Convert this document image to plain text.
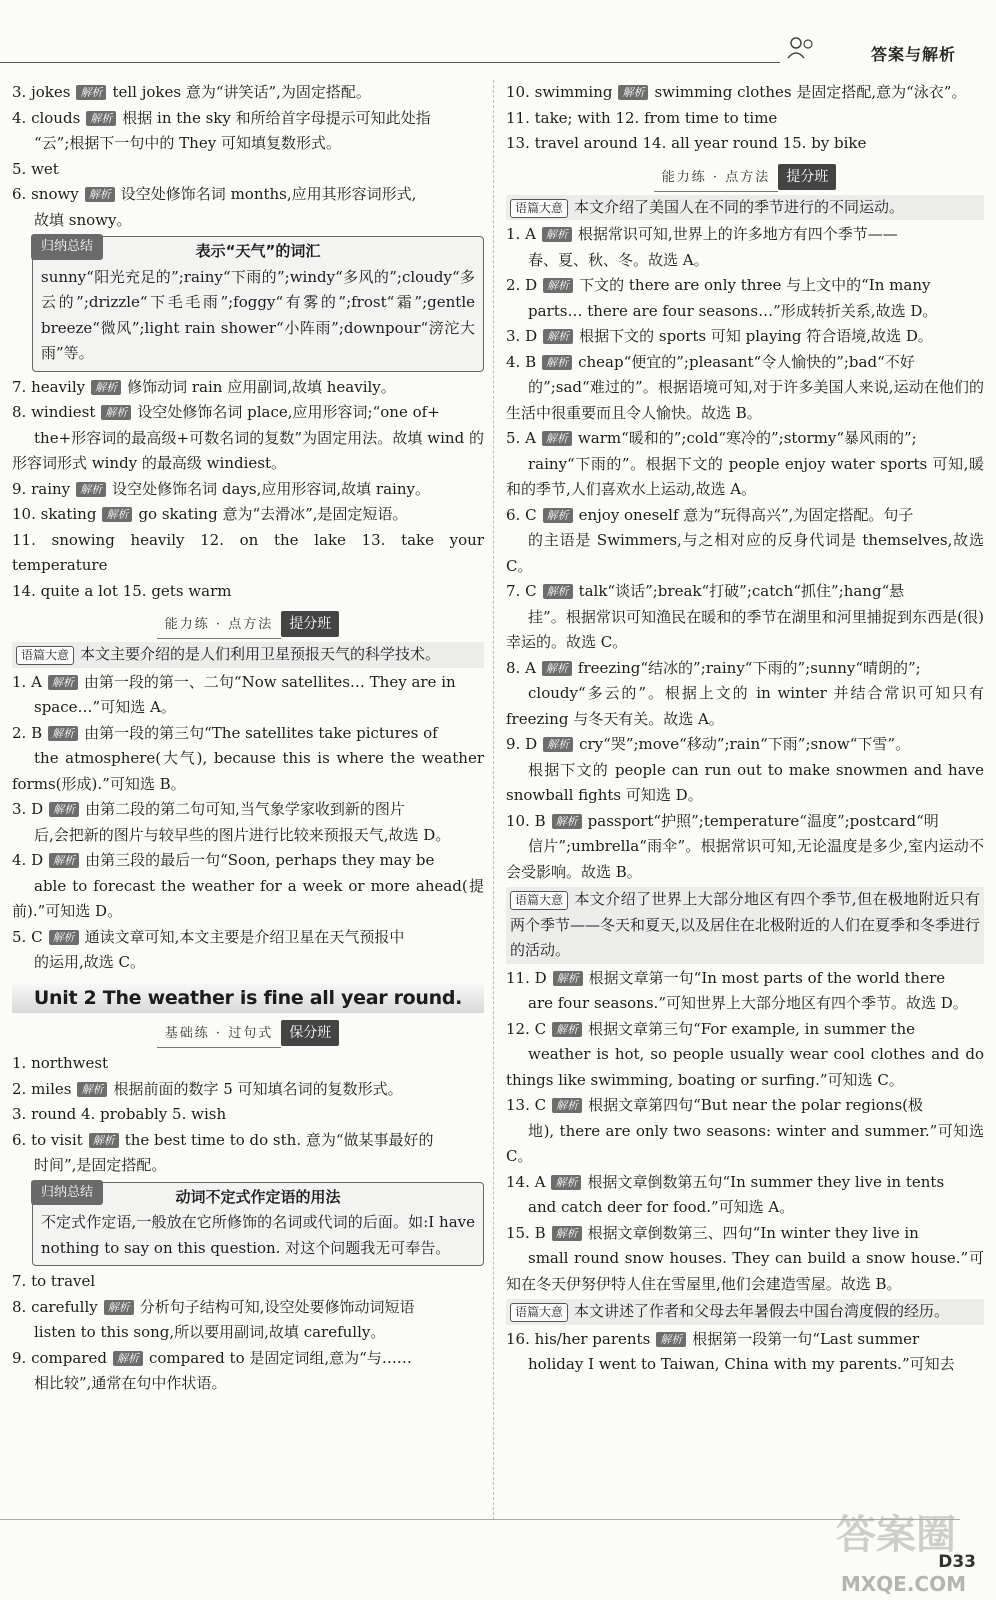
答案与解析

3. jokes 解析 tell jokes 意为“讲笑话”,为固定搭配。

4. clouds 解析 根据 in the sky 和所给首字母提示可知此处指
“云”;根据下一句中的 They 可知填复数形式。

5. wet

6. snowy 解析 设空处修饰名词 months,应用其形容词形式,
故填 snowy。

归纳总结	表示“天气”的词汇
sunny“阳光充足的”;rainy“下雨的”;windy“多风的”;cloudy“多云的”;drizzle“下毛毛雨”;foggy“有雾的”;frost“霜”;gentle breeze“微风”;light rain shower“小阵雨”;downpour“滂沱大雨”等。

7. heavily 解析 修饰动词 rain 应用副词,故填 heavily。

8. windiest 解析 设空处修饰名词 place,应用形容词;“one of+
the+形容词的最高级+可数名词的复数”为固定用法。故填 wind 的形容词形式 windy 的最高级 windiest。

9. rainy 解析 设空处修饰名词 days,应用形容词,故填 rainy。

10. skating 解析 go skating 意为“去滑冰”,是固定短语。

11. snowing heavily 12. on the lake 13. take your temperature

14. quite a lot 15. gets warm

能力练 · 点方法 提分班

语篇大意 本文主要介绍的是人们利用卫星预报天气的科学技术。

1. A 解析 由第一段的第一、二句“Now satellites… They are in
space…”可知选 A。

2. B 解析 由第一段的第三句“The satellites take pictures of
the atmosphere(大气), because this is where the weather forms(形成).”可知选 B。

3. D 解析 由第二段的第二句可知,当气象学家收到新的图片
后,会把新的图片与较早些的图片进行比较来预报天气,故选 D。

4. D 解析 由第三段的最后一句“Soon, perhaps they may be
able to forecast the weather for a week or more ahead(提前).”可知选 D。

5. C 解析 通读文章可知,本文主要是介绍卫星在天气预报中
的运用,故选 C。

Unit 2 The weather is fine all year round.
基础练 · 过句式 保分班

1. northwest

2. miles 解析 根据前面的数字 5 可知填名词的复数形式。

3. round 4. probably 5. wish

6. to visit 解析 the best time to do sth. 意为“做某事最好的
时间”,是固定搭配。

归纳总结	动词不定式作定语的用法
不定式作定语,一般放在它所修饰的名词或代词的后面。如:I have nothing to say on this question. 对这个问题我无可奉告。

7. to travel

8. carefully 解析 分析句子结构可知,设空处要修饰动词短语
listen to this song,所以要用副词,故填 carefully。

9. compared 解析 compared to 是固定词组,意为“与……
相比较”,通常在句中作状语。

10. swimming 解析 swimming clothes 是固定搭配,意为“泳衣”。

11. take; with 12. from time to time

13. travel around 14. all year round 15. by bike

能力练 · 点方法 提分班

语篇大意 本文介绍了美国人在不同的季节进行的不同运动。

1. A 解析 根据常识可知,世界上的许多地方有四个季节——
春、夏、秋、冬。故选 A。

2. D 解析 下文的 there are only three 与上文中的“In many
parts… there are four seasons…”形成转折关系,故选 D。

3. D 解析 根据下文的 sports 可知 playing 符合语境,故选 D。

4. B 解析 cheap“便宜的”;pleasant“令人愉快的”;bad“不好
的”;sad“难过的”。根据语境可知,对于许多美国人来说,运动在他们的生活中很重要而且令人愉快。故选 B。

5. A 解析 warm“暖和的”;cold“寒冷的”;stormy“暴风雨的”;
rainy“下雨的”。根据下文的 people enjoy water sports 可知,暖和的季节,人们喜欢水上运动,故选 A。

6. C 解析 enjoy oneself 意为“玩得高兴”,为固定搭配。句子
的主语是 Swimmers,与之相对应的反身代词是 themselves,故选 C。

7. C 解析 talk“谈话”;break“打破”;catch“抓住”;hang“悬
挂”。根据常识可知渔民在暖和的季节在湖里和河里捕捉到东西是(很)幸运的。故选 C。

8. A 解析 freezing“结冰的”;rainy“下雨的”;sunny“晴朗的”;
cloudy“多云的”。根据上文的 in winter 并结合常识可知只有 freezing 与冬天有关。故选 A。

9. D 解析 cry“哭”;move“移动”;rain“下雨”;snow“下雪”。
根据下文的 people can run out to make snowmen and have snowball fights 可知选 D。

10. B 解析 passport“护照”;temperature“温度”;postcard“明
信片”;umbrella“雨伞”。根据常识可知,无论温度是多少,室内运动不会受影响。故选 B。

语篇大意 本文介绍了世界上大部分地区有四个季节,但在极地附近只有两个季节——冬天和夏天,以及居住在北极附近的人们在夏季和冬季进行的活动。

11. D 解析 根据文章第一句“In most parts of the world there
are four seasons.”可知世界上大部分地区有四个季节。故选 D。

12. C 解析 根据文章第三句“For example, in summer the
weather is hot, so people usually wear cool clothes and do things like swimming, boating or surfing.”可知选 C。

13. C 解析 根据文章第四句“But near the polar regions(极
地), there are only two seasons: winter and summer.”可知选 C。

14. A 解析 根据文章倒数第五句“In summer they live in tents
and catch deer for food.”可知选 A。

15. B 解析 根据文章倒数第三、四句“In winter they live in
small round snow houses. They can build a snow house.”可知在冬天伊努伊特人住在雪屋里,他们会建造雪屋。故选 B。

语篇大意 本文讲述了作者和父母去年暑假去中国台湾度假的经历。

16. his/her parents 解析 根据第一段第一句“Last summer
holiday I went to Taiwan, China with my parents.”可知去

答案圈
D33
MXQE.COM
